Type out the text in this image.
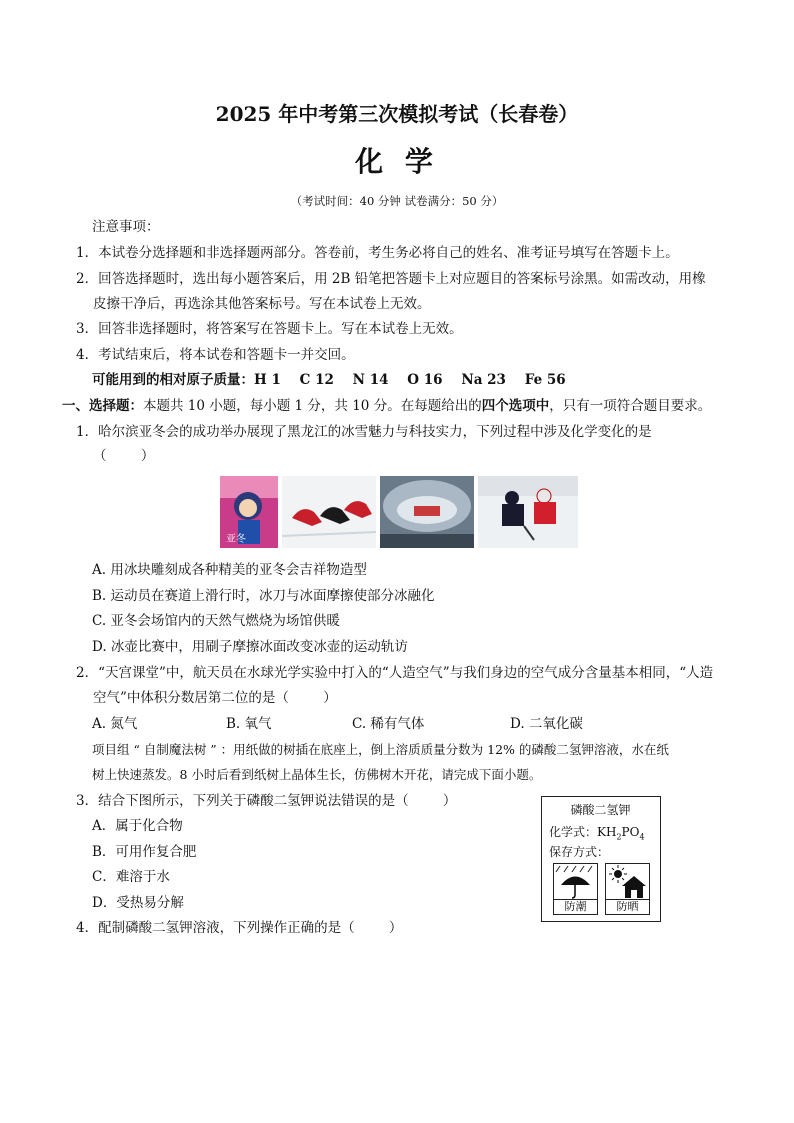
2025 年中考第三次模拟考试（长春卷）
化 学
（考试时间：40 分钟 试卷满分：50 分）
注意事项：
1．本试卷分选择题和非选择题两部分。答卷前，考生务必将自己的姓名、准考证号填写在答题卡上。
2．回答选择题时，选出每小题答案后，用 2B 铅笔把答题卡上对应题目的答案标号涂黑。如需改动，用橡
皮擦干净后，再选涂其他答案标号。写在本试卷上无效。
3．回答非选择题时，将答案写在答题卡上。写在本试卷上无效。
4．考试结束后，将本试卷和答题卡一并交回。
可能用到的相对原子质量：H 1    C 12    N 14    O 16    Na 23    Fe 56
一、选择题：本题共 10 小题，每小题 1 分，共 10 分。在每题给出的四个选项中，只有一项符合题目要求。
1．哈尔滨亚冬会的成功举办展现了黑龙江的冰雪魅力与科技实力，下列过程中涉及化学变化的是
（        ）
亚冬
A. 用冰块雕刻成各种精美的亚冬会吉祥物造型
B. 运动员在赛道上滑行时，冰刀与冰面摩擦使部分冰融化
C. 亚冬会场馆内的天然气燃烧为场馆供暖
D. 冰壶比赛中，用刷子摩擦冰面改变冰壶的运动轨访
2．“天宫课堂”中，航天员在水球光学实验中打入的“人造空气”与我们身边的空气成分含量基本相同，“人造
空气”中体积分数居第二位的是（        ）
A. 氮气	B. 氧气	C. 稀有气体	D. 二氧化碳
项目组 “ 自制魔法树 ” ：用纸做的树插在底座上，倒上溶质质量分数为 12% 的磷酸二氢钾溶液，水在纸
树上快速蒸发。8 小时后看到纸树上晶体生长，仿佛树木开花，请完成下面小题。
3．结合下图所示，下列关于磷酸二氢钾说法错误的是（        ）
A．属于化合物
B．可用作复合肥
C．难溶于水
D．受热易分解
磷酸二氢钾
化学式：$KH_2PO_4$
保存方式：
防潮	防晒
4．配制磷酸二氢钾溶液，下列操作正确的是（        ）
